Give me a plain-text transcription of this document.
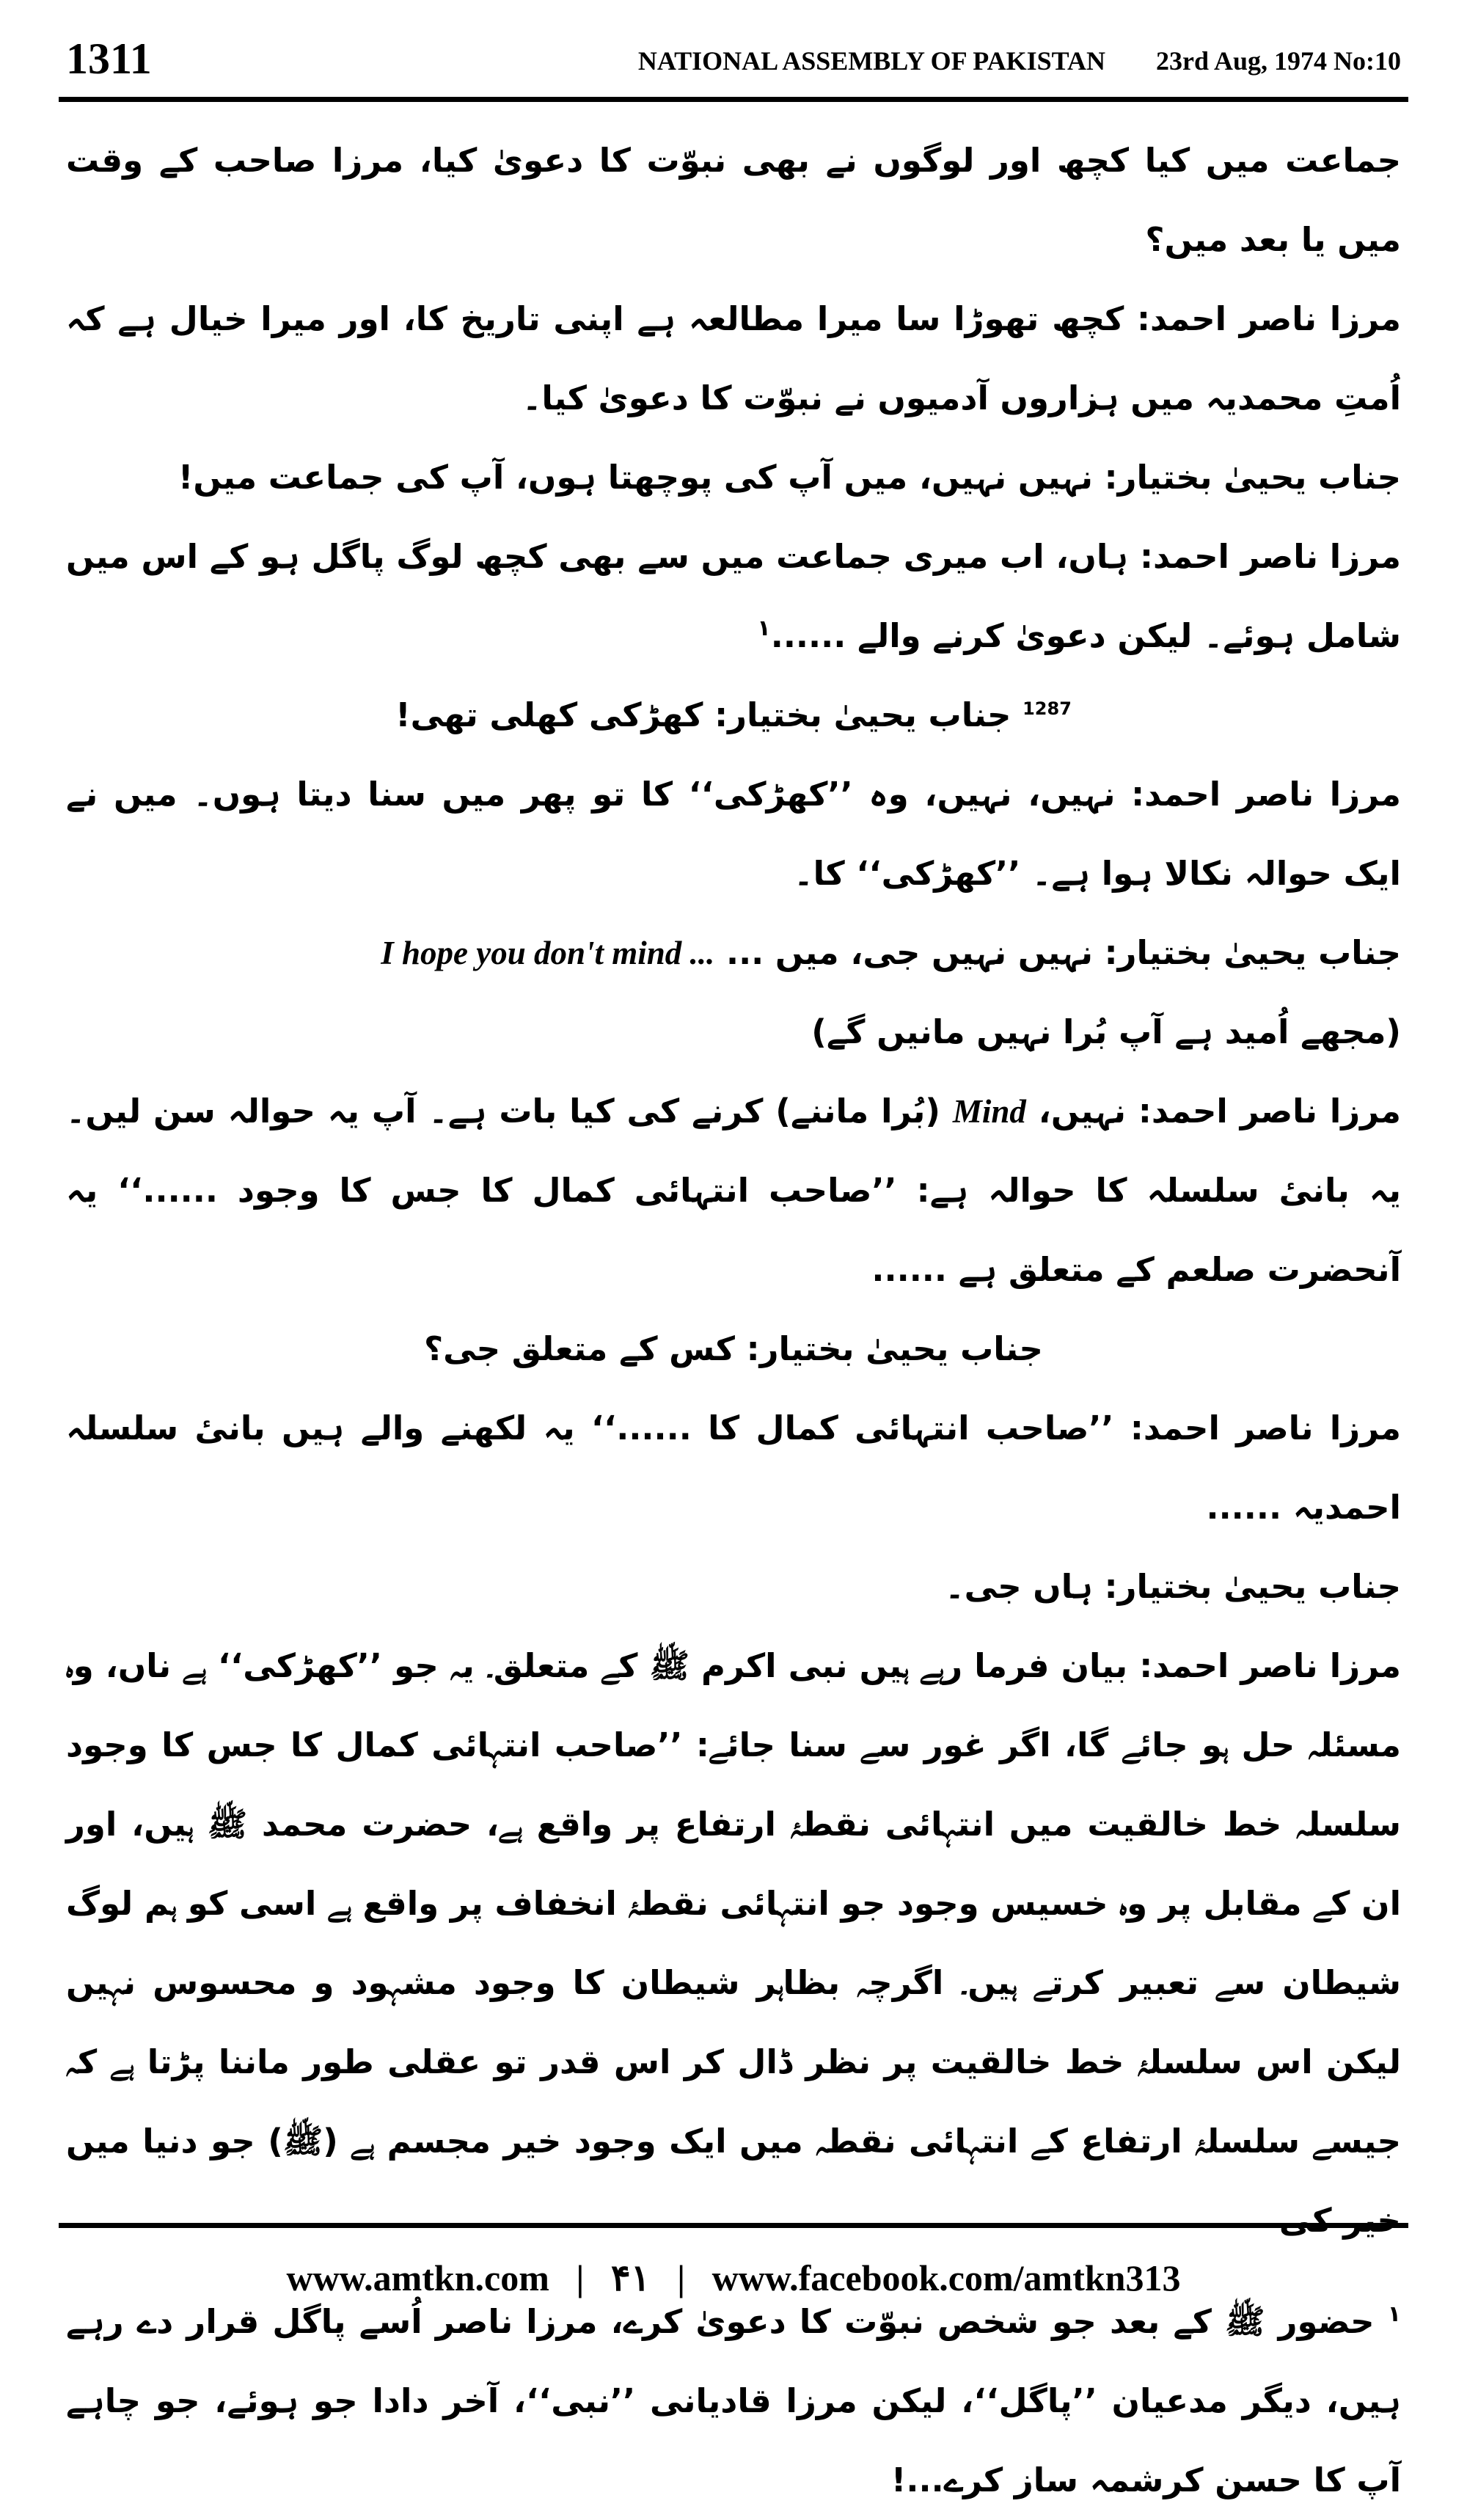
1311	NATIONAL ASSEMBLY OF PAKISTAN 23rd Aug, 1974 No:10

جماعت میں کیا کچھ اور لوگوں نے بھی نبوّت کا دعویٰ کیا، مرزا صاحب کے وقت میں یا بعد میں؟

مرزا ناصر احمد:کچھ تھوڑا سا میرا مطالعہ ہے اپنی تاریخ کا، اور میرا خیال ہے کہ اُمتِ محمدیہ میں ہزاروں آدمیوں نے نبوّت کا دعویٰ کیا۔

جناب یحییٰ بختیار:نہیں نہیں، میں آپ کی پوچھتا ہوں، آپ کی جماعت میں!

مرزا ناصر احمد:ہاں، اب میری جماعت میں سے بھی کچھ لوگ پاگل ہو کے اس میں شامل ہوئے۔ لیکن دعویٰ کرنے والے ......$^۱$

$^{1287}$ جناب یحییٰ بختیار:کھڑکی کھلی تھی!

مرزا ناصر احمد:نہیں، نہیں، وہ ’’کھڑکی‘‘ کا تو پھر میں سنا دیتا ہوں۔ میں نے ایک حوالہ نکالا ہوا ہے۔ ’’کھڑکی‘‘ کا۔

جناب یحییٰ بختیار:نہیں نہیں جی، میں ... I hope you don't mind ...

(مجھے اُمید ہے آپ بُرا نہیں مانیں گے)

مرزا ناصر احمد:نہیں، Mind (بُرا ماننے) کرنے کی کیا بات ہے۔ آپ یہ حوالہ سن لیں۔ یہ بانیٔ سلسلہ کا حوالہ ہے: ’’صاحب انتہائی کمال کا جس کا وجود ......‘‘ یہ آنحضرت صلعم کے متعلق ہے ......

جناب یحییٰ بختیار:کس کے متعلق جی؟

مرزا ناصر احمد:’’صاحب انتہائی کمال کا ......‘‘ یہ لکھنے والے ہیں بانیٔ سلسلہ احمدیہ ......

جناب یحییٰ بختیار:ہاں جی۔

مرزا ناصر احمد:بیان فرما رہے ہیں نبی اکرم ﷺ کے متعلق۔ یہ جو ’’کھڑکی‘‘ ہے ناں، وہ مسئلہ حل ہو جائے گا، اگر غور سے سنا جائے: ’’صاحب انتہائی کمال کا جس کا وجود سلسلہ خط خالقیت میں انتہائی نقطۂ ارتفاع پر واقع ہے، حضرت محمد ﷺ ہیں، اور ان کے مقابل پر وہ خسیس وجود جو انتہائی نقطۂ انخفاف پر واقع ہے اسی کو ہم لوگ شیطان سے تعبیر کرتے ہیں۔ اگرچہ بظاہر شیطان کا وجود مشہود و محسوس نہیں لیکن اس سلسلۂ خط خالقیت پر نظر ڈال کر اس قدر تو عقلی طور ماننا پڑتا ہے کہ جیسے سلسلۂ ارتفاع کے انتہائی نقطہ میں ایک وجود خیر مجسم ہے (ﷺ) جو دنیا میں خیر کی

$^۱$ حضور ﷺ کے بعد جو شخص نبوّت کا دعویٰ کرے، مرزا ناصر اُسے پاگل قرار دے رہے ہیں، دیگر مدعیان ’’پاگل‘‘، لیکن مرزا قادیانی ’’نبی‘‘، آخر دادا جو ہوئے، جو چاہے آپ کا حسن کرشمہ ساز کرے...!

www.amtkn.com | ۴۱ | www.facebook.com/amtkn313
